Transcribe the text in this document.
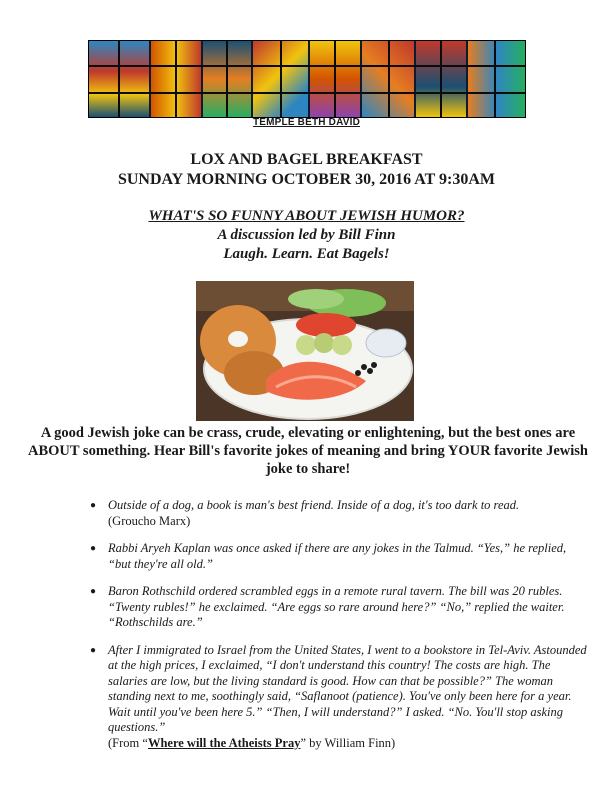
TEMPLE BETH DAVID
LOX AND BAGEL BREAKFAST
SUNDAY MORNING OCTOBER 30, 2016 AT 9:30AM
WHAT'S SO FUNNY ABOUT JEWISH HUMOR?
A discussion led by Bill Finn
Laugh. Learn. Eat Bagels!
A good Jewish joke can be crass, crude, elevating or enlightening, but the best ones are ABOUT something. Hear Bill's favorite jokes of meaning and bring YOUR favorite Jewish joke to share!
● Outside of a dog, a book is man's best friend. Inside of a dog, it's too dark to read.
(Groucho Marx)
● Rabbi Aryeh Kaplan was once asked if there are any jokes in the Talmud. “Yes,” he replied, “but they're all old.”
● Baron Rothschild ordered scrambled eggs in a remote rural tavern. The bill was 20 rubles. “Twenty rubles!” he exclaimed. “Are eggs so rare around here?” “No,” replied the waiter. “Rothschilds are.”
● After I immigrated to Israel from the United States, I went to a bookstore in Tel-Aviv. Astounded at the high prices, I exclaimed, “I don't understand this country! The costs are high. The salaries are low, but the living standard is good. How can that be possible?” The woman standing next to me, soothingly said, “Saflanoot (patience). You've only been here for a year. Wait until you've been here 5.” “Then, I will understand?” I asked. “No. You'll stop asking questions.”
(From “Where will the Atheists Pray” by William Finn)
